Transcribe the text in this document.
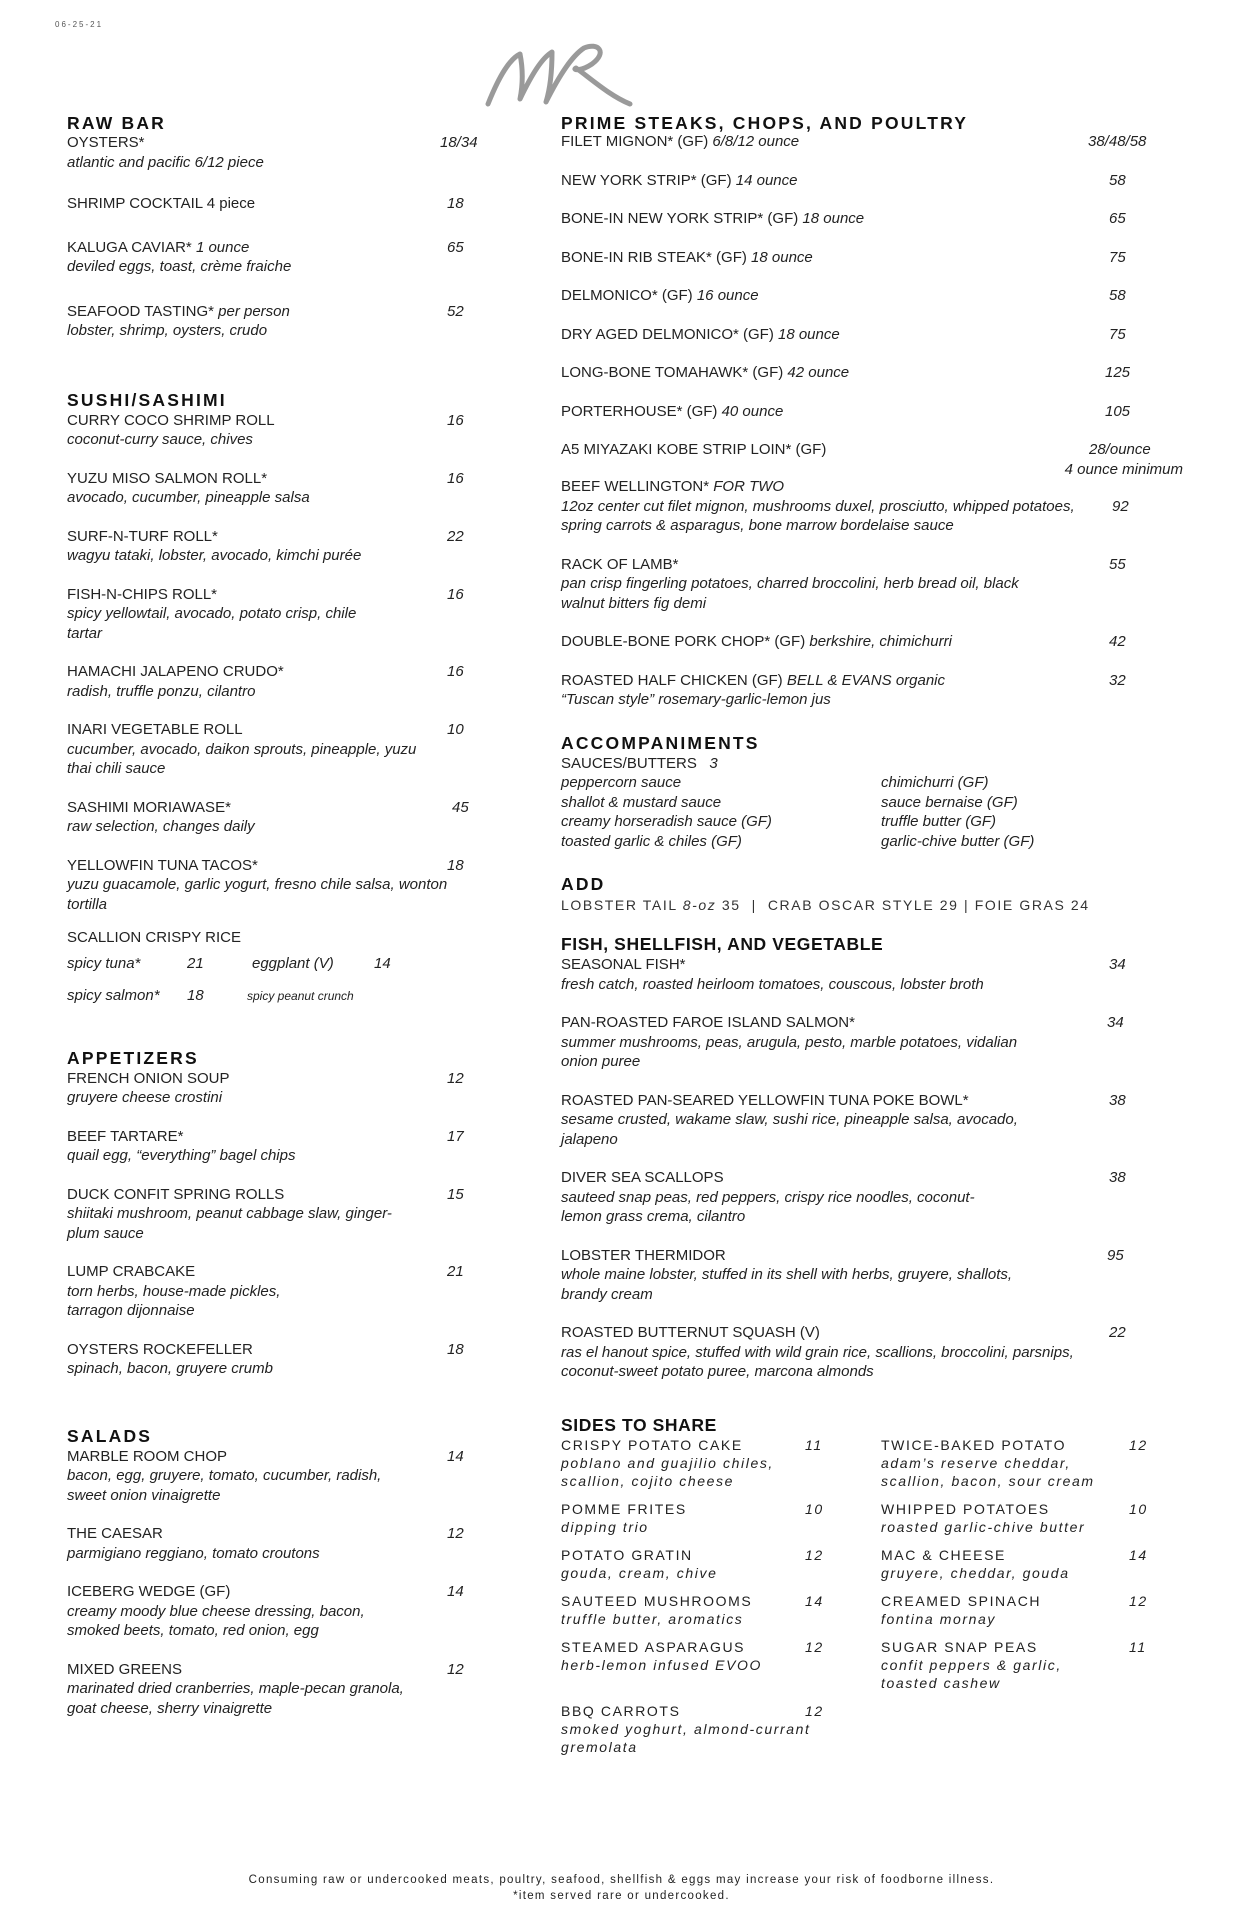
06-25-21
RAW BAR
OYSTERS*	18/34
atlantic and pacific 6/12 piece
SHRIMP COCKTAIL 4 piece	18
KALUGA CAVIAR* 1 ounce	65
deviled eggs, toast, crème fraiche
SEAFOOD TASTING* per person	52
lobster, shrimp, oysters, crudo
SUSHI/SASHIMI
CURRY COCO SHRIMP ROLL	16
coconut-curry sauce, chives
YUZU MISO SALMON ROLL*	16
avocado, cucumber, pineapple salsa
SURF-N-TURF ROLL*	22
wagyu tataki, lobster, avocado, kimchi purée
FISH-N-CHIPS ROLL*	16
spicy yellowtail, avocado, potato crisp, chile tartar
HAMACHI JALAPENO CRUDO*	16
radish, truffle ponzu, cilantro
INARI VEGETABLE ROLL	10
cucumber, avocado, daikon sprouts, pineapple, yuzu thai chili sauce
SASHIMI MORIAWASE*	45
raw selection, changes daily
YELLOWFIN TUNA TACOS*	18
yuzu guacamole, garlic yogurt, fresno chile salsa, wonton tortilla
SCALLION CRISPY RICE
spicy tuna*	21	eggplant (V)	14
spicy salmon*	18	spicy peanut crunch
APPETIZERS
FRENCH ONION SOUP	12
gruyere cheese crostini
BEEF TARTARE*	17
quail egg, “everything” bagel chips
DUCK CONFIT SPRING ROLLS	15
shiitaki mushroom, peanut cabbage slaw, ginger-plum sauce
LUMP CRABCAKE	21
torn herbs, house-made pickles, tarragon dijonnaise
OYSTERS ROCKEFELLER	18
spinach, bacon, gruyere crumb
SALADS
MARBLE ROOM CHOP	14
bacon, egg, gruyere, tomato, cucumber, radish, sweet onion vinaigrette
THE CAESAR	12
parmigiano reggiano, tomato croutons
ICEBERG WEDGE (GF)	14
creamy moody blue cheese dressing, bacon, smoked beets, tomato, red onion, egg
MIXED GREENS	12
marinated dried cranberries, maple-pecan granola, goat cheese, sherry vinaigrette
PRIME STEAKS, CHOPS, AND POULTRY
FILET MIGNON* (GF) 6/8/12 ounce	38/48/58
NEW YORK STRIP* (GF) 14 ounce	58
BONE-IN NEW YORK STRIP* (GF) 18 ounce	65
BONE-IN RIB STEAK* (GF) 18 ounce	75
DELMONICO* (GF) 16 ounce	58
DRY AGED DELMONICO* (GF) 18 ounce	75
LONG-BONE TOMAHAWK* (GF) 42 ounce	125
PORTERHOUSE* (GF) 40 ounce	105
A5 MIYAZAKI KOBE STRIP LOIN* (GF)	28/ounce
4 ounce minimum
BEEF WELLINGTON* FOR TWO
92
12oz center cut filet mignon, mushrooms duxel, prosciutto, whipped potatoes, spring carrots & asparagus, bone marrow bordelaise sauce
RACK OF LAMB*	55
pan crisp fingerling potatoes, charred broccolini, herb bread oil, black walnut bitters fig demi
DOUBLE-BONE PORK CHOP* (GF) berkshire, chimichurri	42
ROASTED HALF CHICKEN (GF) BELL & EVANS organic	32
“Tuscan style” rosemary-garlic-lemon jus
ACCOMPANIMENTS
SAUCES/BUTTERS 3
peppercorn sauce	chimichurri (GF)
shallot & mustard sauce	sauce bernaise (GF)
creamy horseradish sauce (GF)	truffle butter (GF)
toasted garlic & chiles (GF)	garlic-chive butter (GF)
ADD
LOBSTER TAIL 8-oz 35 | CRAB OSCAR STYLE 29 | FOIE GRAS 24
FISH, SHELLFISH, AND VEGETABLE
SEASONAL FISH*	34
fresh catch, roasted heirloom tomatoes, couscous, lobster broth
PAN-ROASTED FAROE ISLAND SALMON*	34
summer mushrooms, peas, arugula, pesto, marble potatoes, vidalian onion puree
ROASTED PAN-SEARED YELLOWFIN TUNA POKE BOWL*	38
sesame crusted, wakame slaw, sushi rice, pineapple salsa, avocado, jalapeno
DIVER SEA SCALLOPS	38
sauteed snap peas, red peppers, crispy rice noodles, coconut-lemon grass crema, cilantro
LOBSTER THERMIDOR	95
whole maine lobster, stuffed in its shell with herbs, gruyere, shallots, brandy cream
ROASTED BUTTERNUT SQUASH (V)	22
ras el hanout spice, stuffed with wild grain rice, scallions, broccolini, parsnips, coconut-sweet potato puree, marcona almonds
SIDES TO SHARE
CRISPY POTATO CAKE	11
poblano and guajilio chiles, scallion, cojito cheese
TWICE-BAKED POTATO	12
adam’s reserve cheddar, scallion, bacon, sour cream
POMME FRITES	10
dipping trio
WHIPPED POTATOES	10
roasted garlic-chive butter
POTATO GRATIN	12
gouda, cream, chive
MAC & CHEESE	14
gruyere, cheddar, gouda
SAUTEED MUSHROOMS	14
truffle butter, aromatics
CREAMED SPINACH	12
fontina mornay
STEAMED ASPARAGUS	12
herb-lemon infused EVOO
SUGAR SNAP PEAS	11
confit peppers & garlic, toasted cashew
BBQ CARROTS	12
smoked yoghurt, almond-currant gremolata
Consuming raw or undercooked meats, poultry, seafood, shellfish & eggs may increase your risk of foodborne illness.
*item served rare or undercooked.
